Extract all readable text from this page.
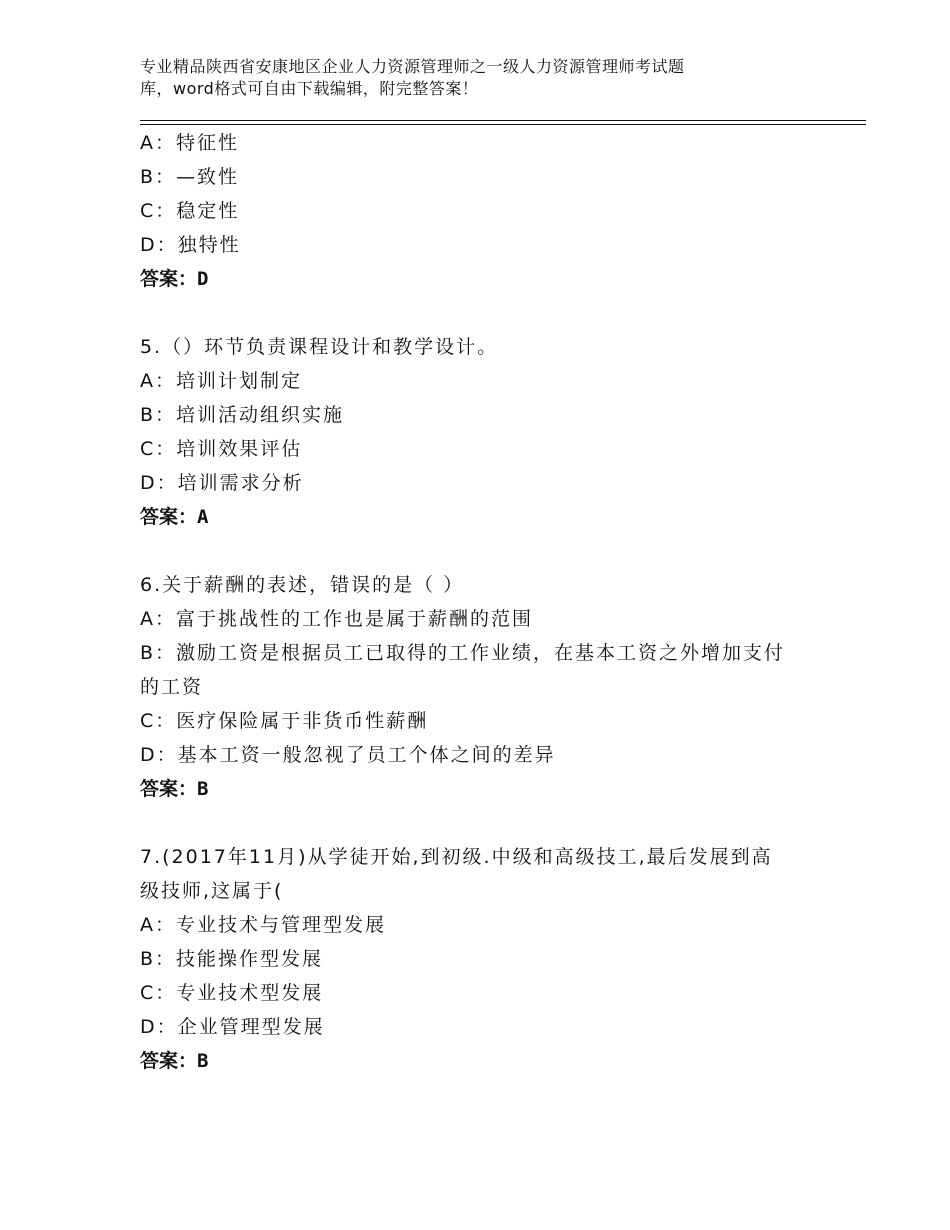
专业精品陕西省安康地区企业人力资源管理师之一级人力资源管理师考试题
库，word格式可自由下载编辑，附完整答案！
A：特征性
B：—致性
C：稳定性
D：独特性
答案：D
5.（）环节负责课程设计和教学设计。
A：培训计划制定
B：培训活动组织实施
C：培训效果评估
D：培训需求分析
答案：A
6.关于薪酬的表述，错误的是（ ）
A：富于挑战性的工作也是属于薪酬的范围
B：激励工资是根据员工已取得的工作业绩，在基本工资之外增加支付
的工资
C：医疗保险属于非货币性薪酬
D：基本工资一般忽视了员工个体之间的差异
答案：B
7.(2017年11月)从学徒开始,到初级.中级和高级技工,最后发展到高
级技师,这属于(
A：专业技术与管理型发展
B：技能操作型发展
C：专业技术型发展
D：企业管理型发展
答案：B
